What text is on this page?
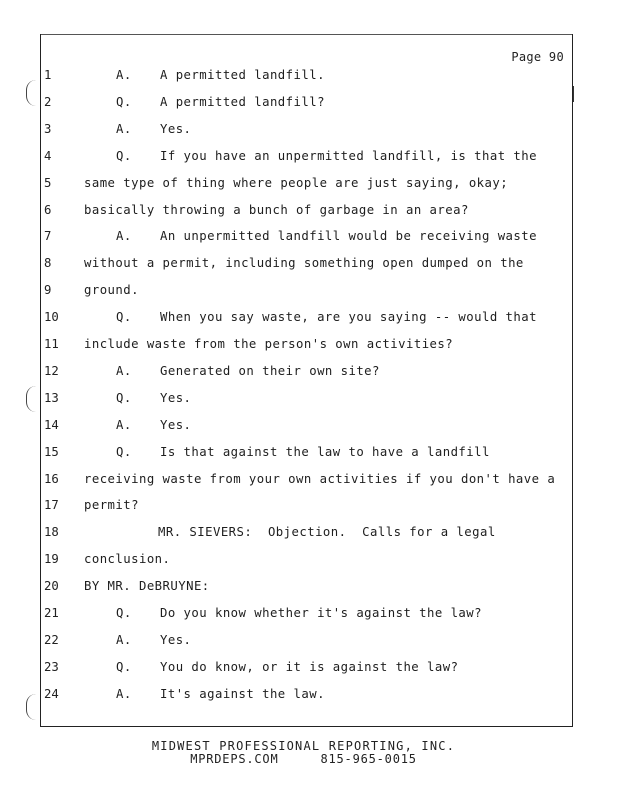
Page 90
1	A. A permitted landfill.
2	Q. A permitted landfill?
3	A. Yes.
4	Q. If you have an unpermitted landfill, is that the
5	same type of thing where people are just saying, okay;
6	basically throwing a bunch of garbage in an area?
7	A. An unpermitted landfill would be receiving waste
8	without a permit, including something open dumped on the
9	ground.
10	Q. When you say waste, are you saying -- would that
11	include waste from the person's own activities?
12	A. Generated on their own site?
13	Q. Yes.
14	A. Yes.
15	Q. Is that against the law to have a landfill
16	receiving waste from your own activities if you don't have a
17	permit?
18	MR. SIEVERS:  Objection.  Calls for a legal
19	conclusion.
20	BY MR. DeBRUYNE:
21	Q. Do you know whether it's against the law?
22	A. Yes.
23	Q. You do know, or it is against the law?
24	A. It's against the law.
MIDWEST PROFESSIONAL REPORTING, INC.
MPRDEPS.COM	815-965-0015
